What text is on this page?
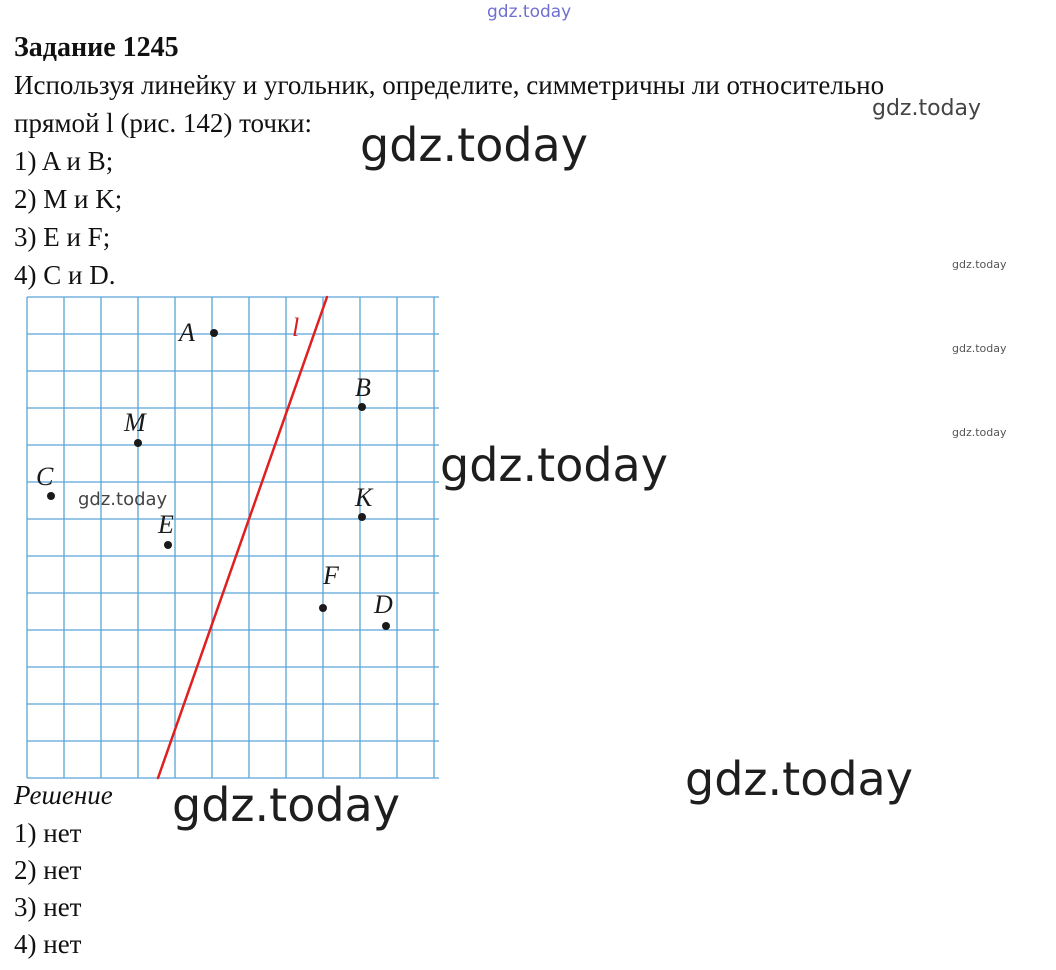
gdz.today
gdz.today
gdz.today
gdz.today
gdz.today
gdz.today
gdz.today
gdz.today
gdz.today
Задание 1245
Используя линейку и угольник, определите, симметричны ли относительно
прямой l (рис. 142) точки:
1) A и B;
2) M и K;
3) E и F;
4) C и D.
l
A
B
M
C
K
E
F
D
gdz.today
Решение
1) нет
2) нет
3) нет
4) нет
